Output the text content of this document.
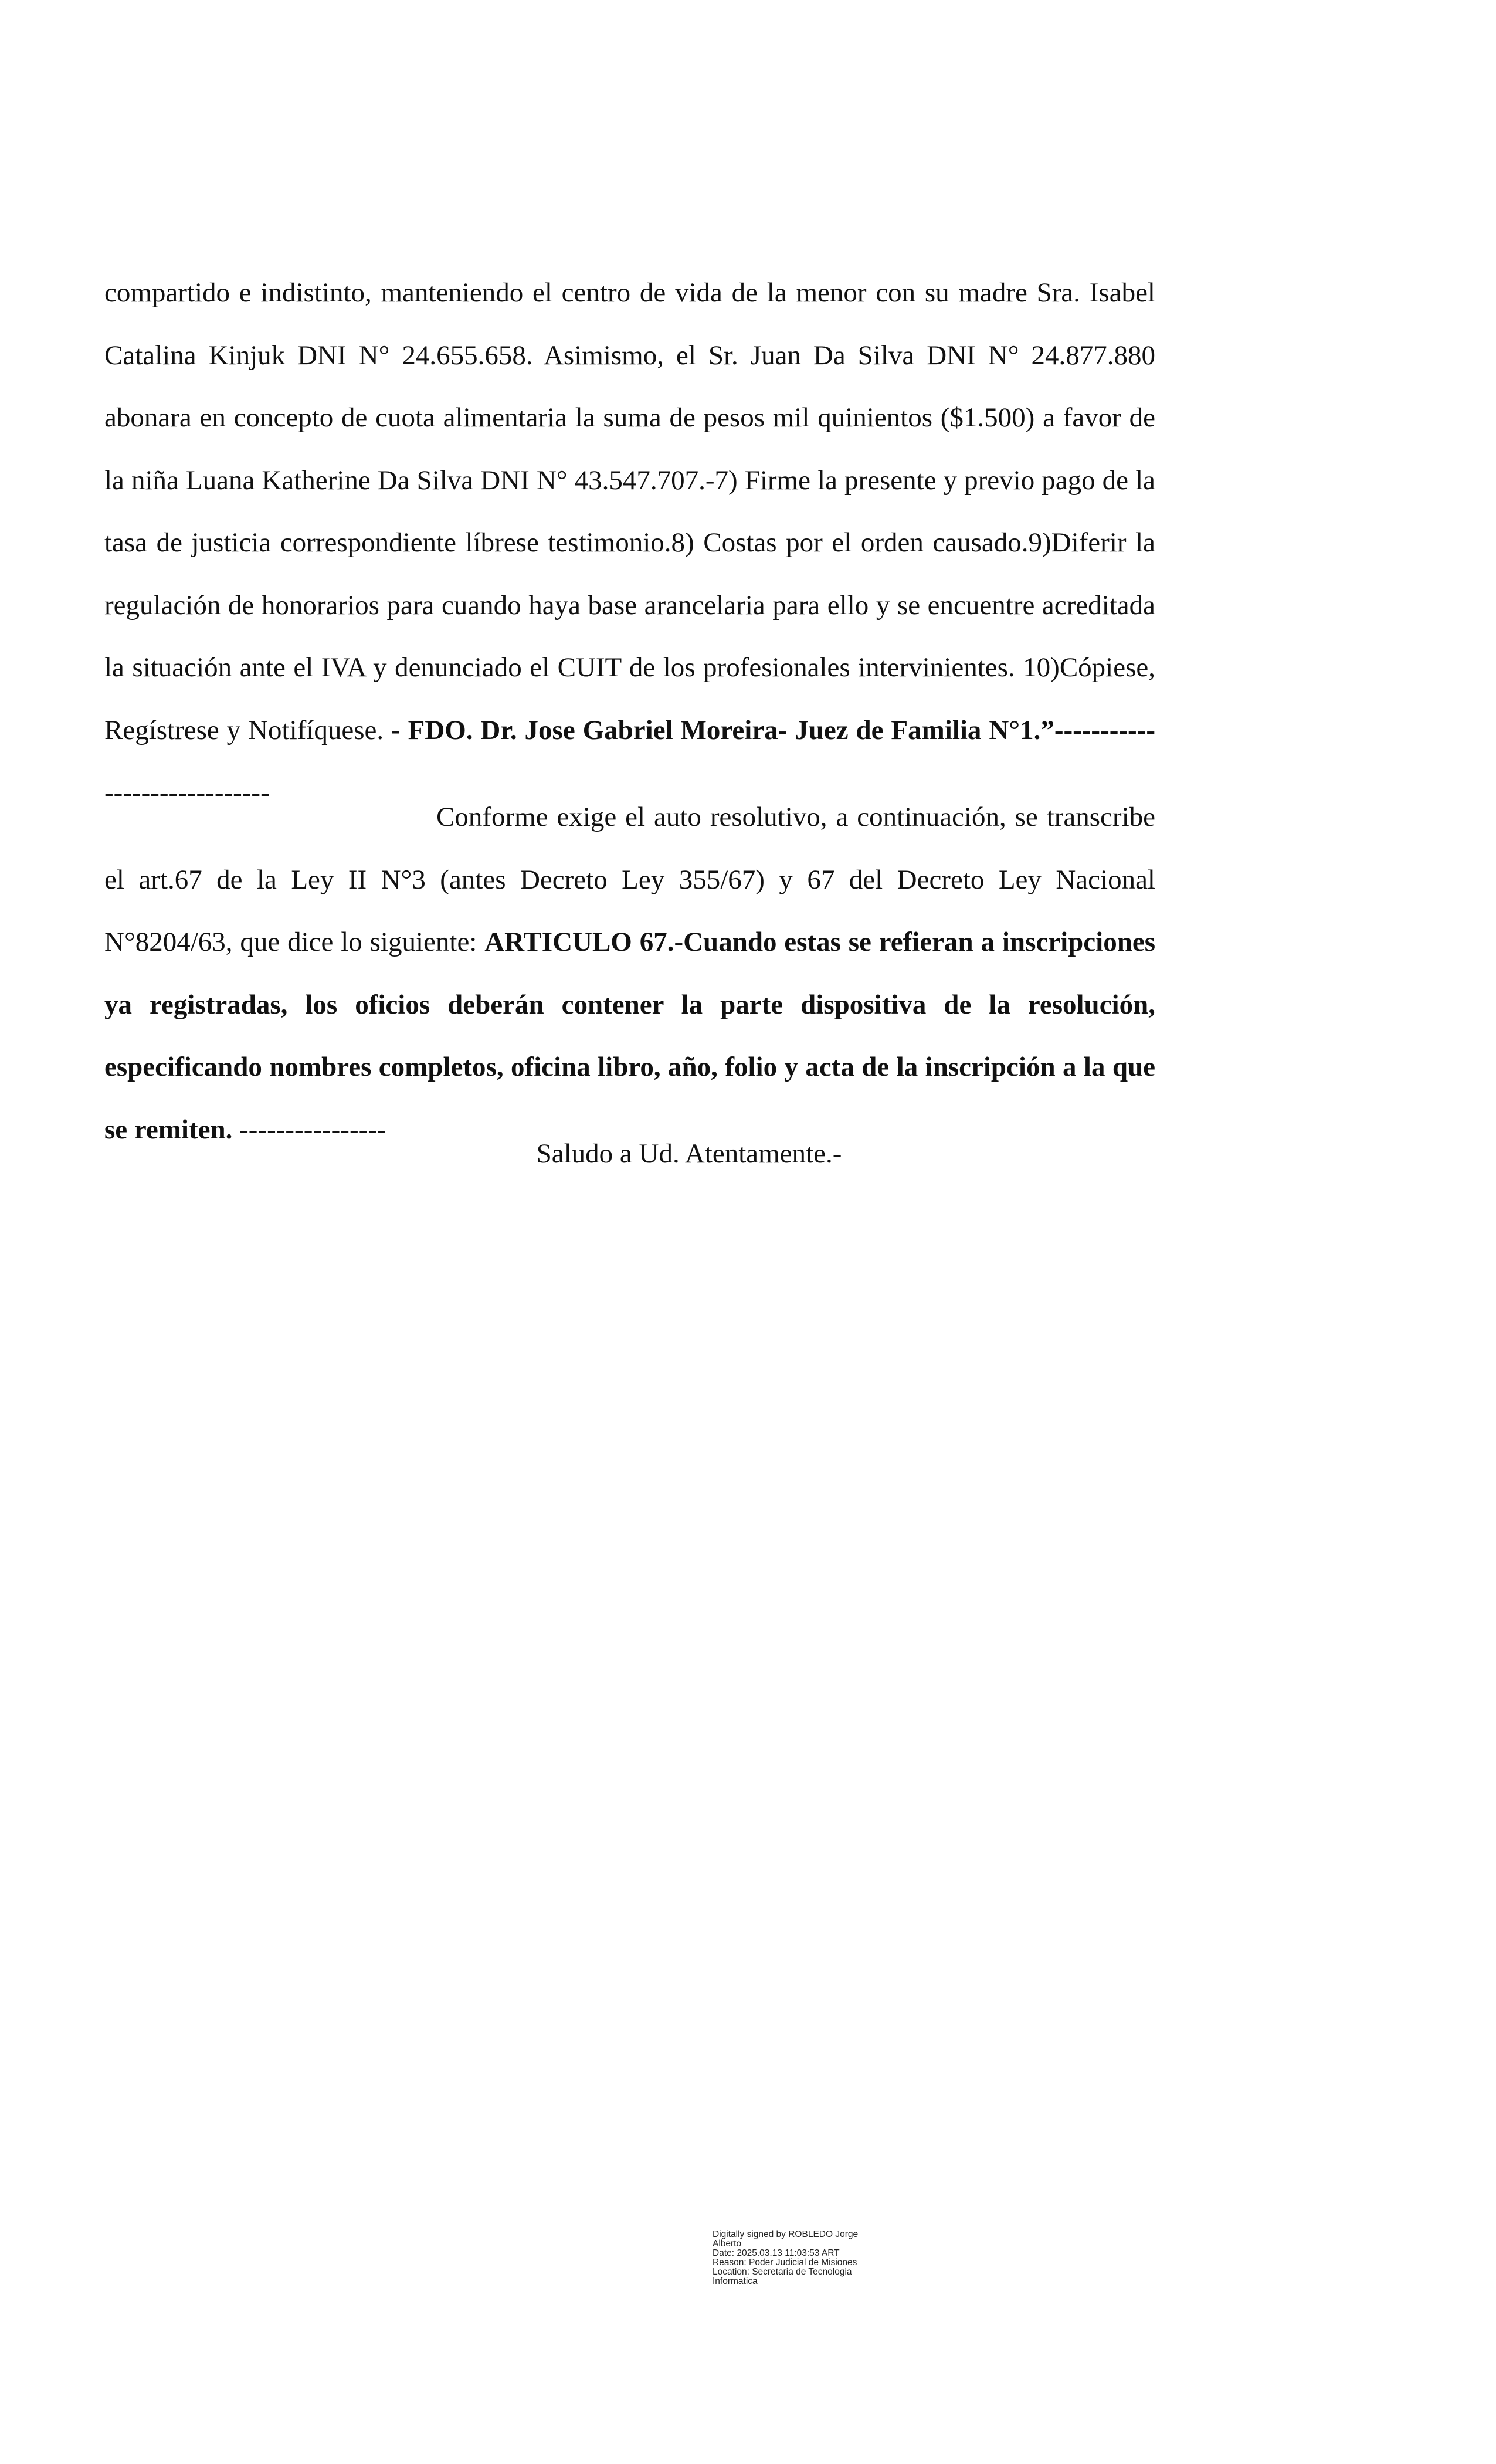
compartido e indistinto, manteniendo el centro de vida de la menor con su madre Sra. Isabel Catalina Kinjuk DNI N° 24.655.658. Asimismo, el Sr. Juan Da Silva DNI N° 24.877.880 abonara en concepto de cuota alimentaria la suma de pesos mil quinientos ($1.500) a favor de la niña Luana Katherine Da Silva DNI N° 43.547.707.-7) Firme la presente y previo pago de la tasa de justicia correspondiente líbrese testimonio.8) Costas por el orden causado.9)Diferir la regulación de honorarios para cuando haya base arancelaria para ello y se encuentre acreditada la situación ante el IVA y denunciado el CUIT de los profesionales intervinientes. 10)Cópiese, Regístrese y Notifíquese. - FDO. Dr. Jose Gabriel Moreira- Juez de Familia N°1.”-----------------------------

Conforme exige el auto resolutivo, a continuación, se transcribe el art.67 de la Ley II N°3 (antes Decreto Ley 355/67) y 67 del Decreto Ley Nacional N°8204/63, que dice lo siguiente: ARTICULO 67.-Cuando estas se refieran a inscripciones ya registradas, los oficios deberán contener la parte dispositiva de la resolución, especificando nombres completos, oficina libro, año, folio y acta de la inscripción a la que se remiten. ----------------

Saludo a Ud. Atentamente.-
Digitally signed by ROBLEDO Jorge
Alberto
Date: 2025.03.13 11:03:53 ART
Reason: Poder Judicial de Misiones
Location: Secretaria de Tecnologia
Informatica
